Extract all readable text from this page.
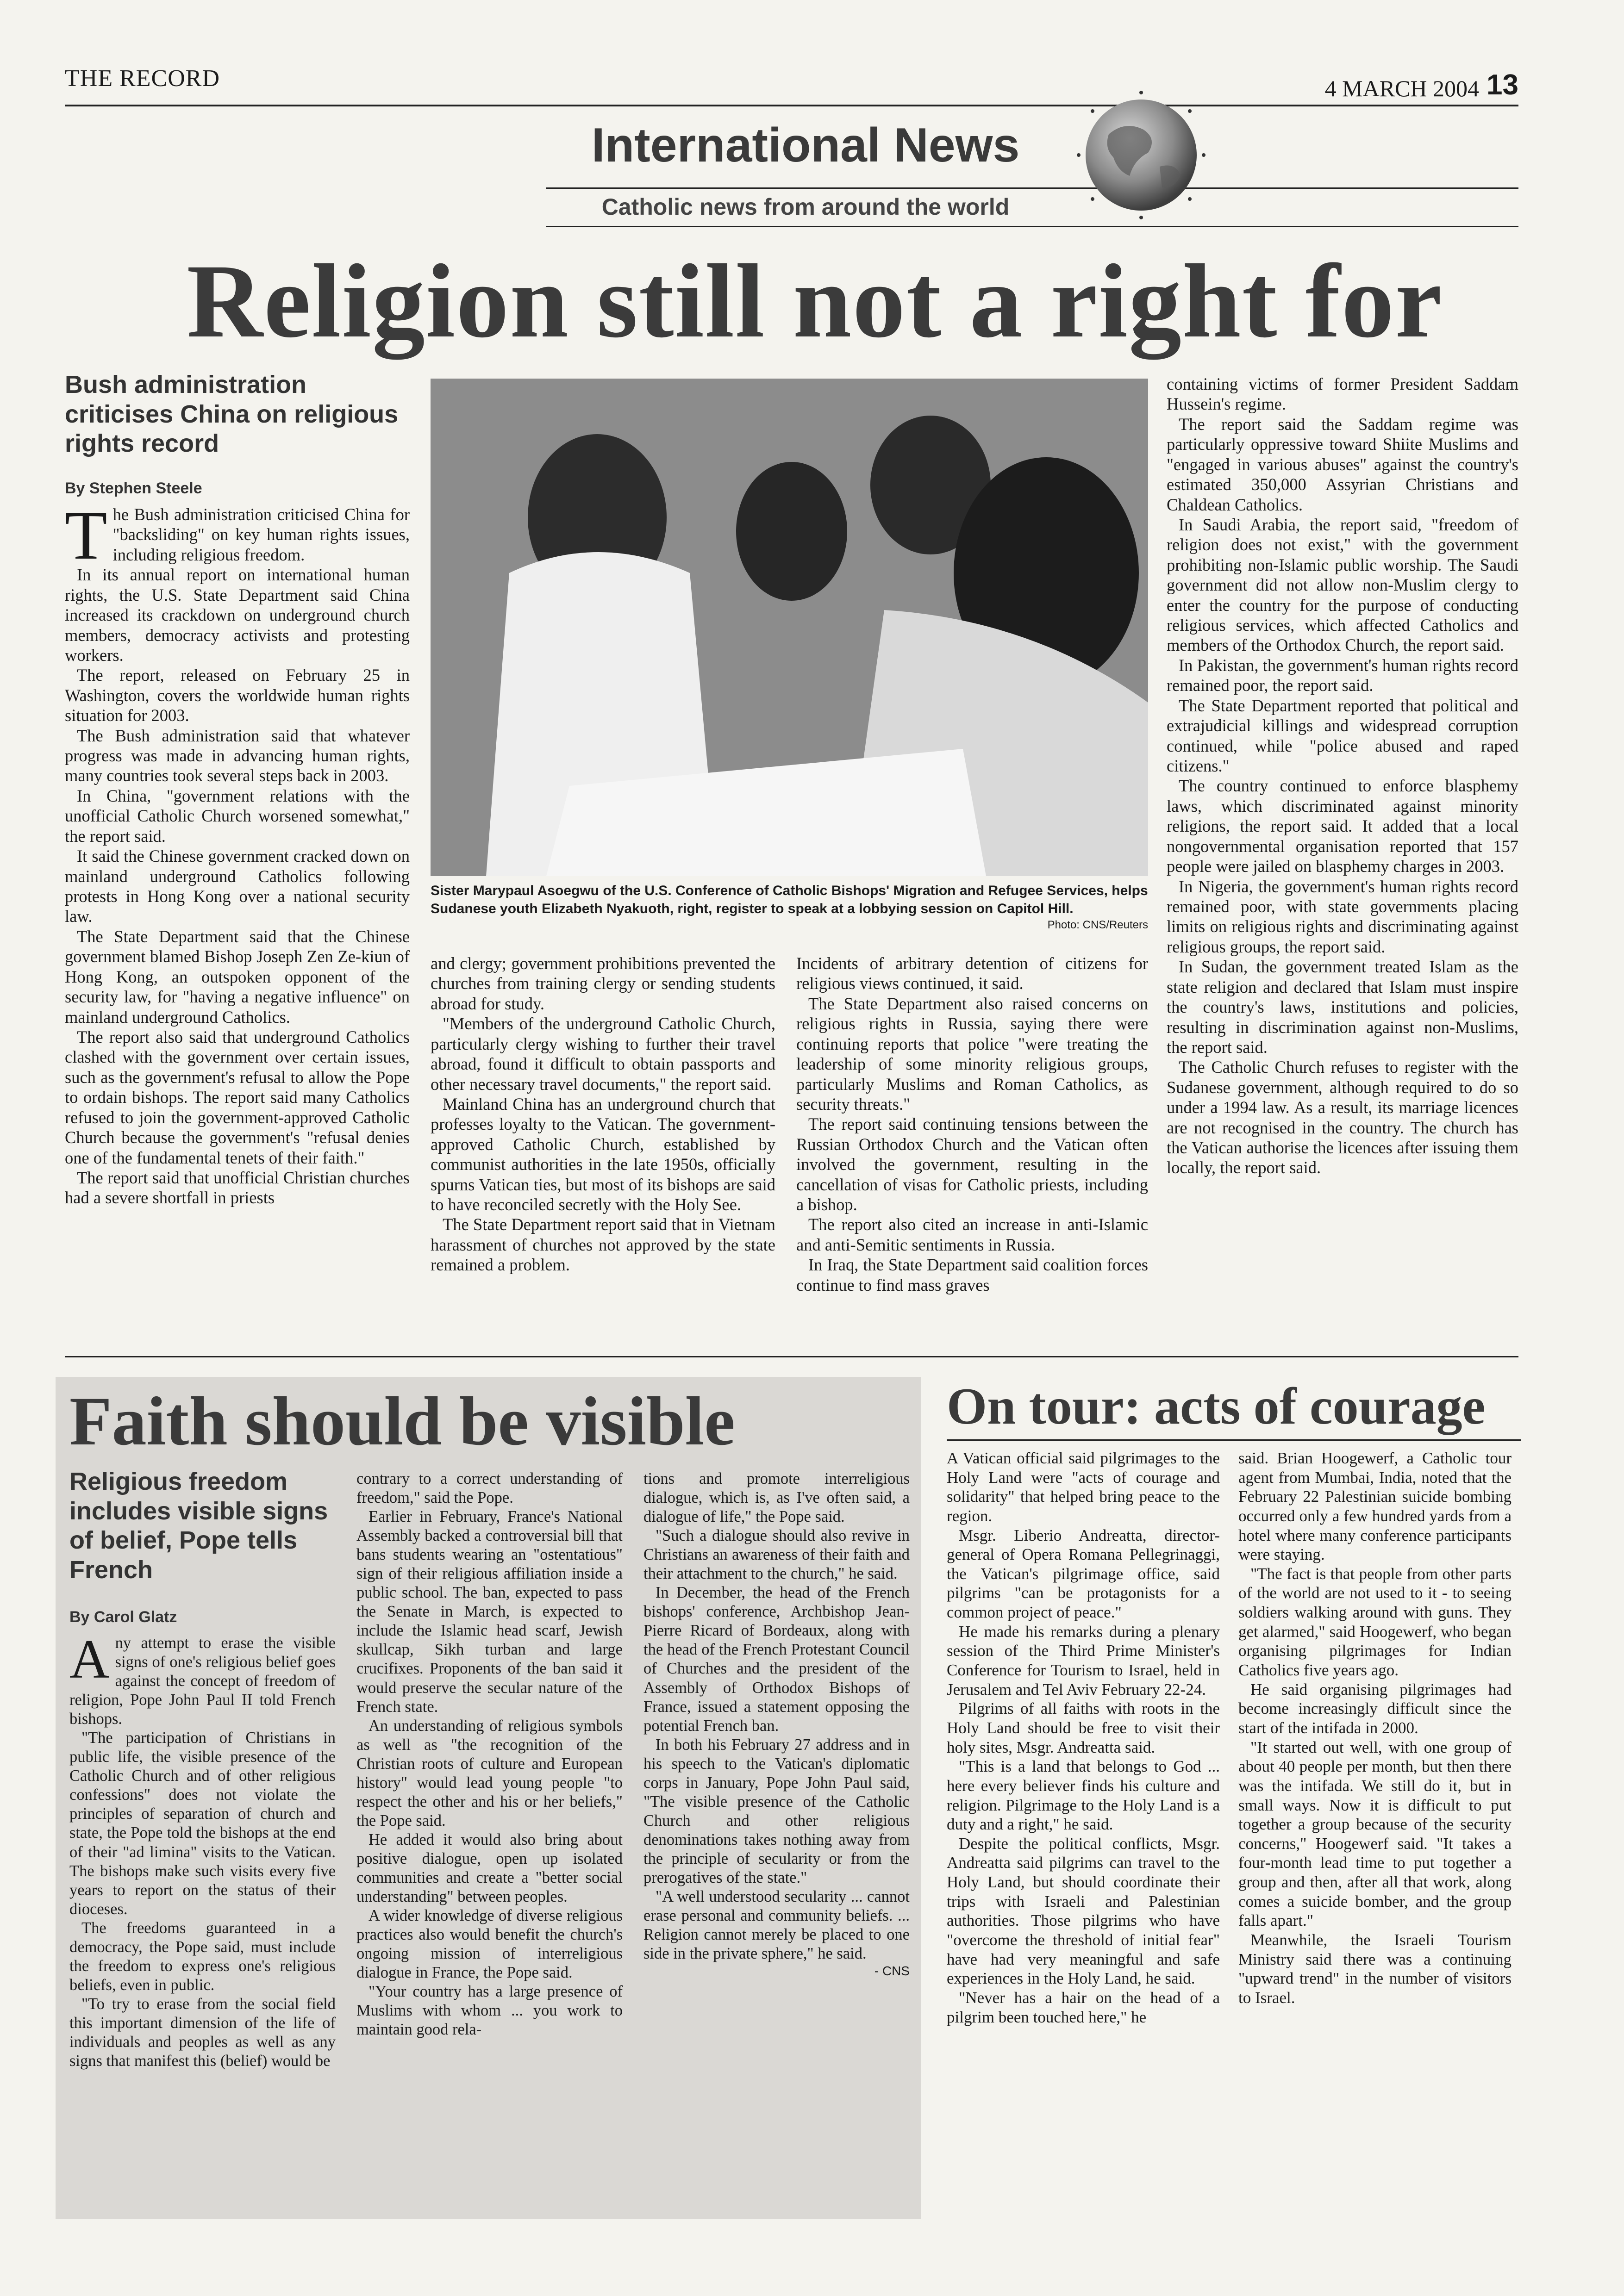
THE RECORD	4 MARCH 2004 13
International News
Catholic news from around the world
Religion still not a right for
Bush administration criticises China on religious rights record
By Stephen Steele

The Bush administration criticised China for "backsliding" on key human rights issues, including religious freedom.

In its annual report on international human rights, the U.S. State Department said China increased its crackdown on underground church members, democracy activists and protesting workers.

The report, released on February 25 in Washington, covers the worldwide human rights situation for 2003.

The Bush administration said that whatever progress was made in advancing human rights, many countries took several steps back in 2003.

In China, "government relations with the unofficial Catholic Church worsened somewhat," the report said.

It said the Chinese government cracked down on mainland underground Catholics following protests in Hong Kong over a national security law.

The State Department said that the Chinese government blamed Bishop Joseph Zen Ze-kiun of Hong Kong, an outspoken opponent of the security law, for "having a negative influence" on mainland underground Catholics.

The report also said that underground Catholics clashed with the government over certain issues, such as the government's refusal to allow the Pope to ordain bishops. The report said many Catholics refused to join the government-approved Catholic Church because the government's "refusal denies one of the fundamental tenets of their faith."

The report said that unofficial Christian churches had a severe shortfall in priests

Sister Marypaul Asoegwu of the U.S. Conference of Catholic Bishops' Migration and Refugee Services, helps Sudanese youth Elizabeth Nyakuoth, right, register to speak at a lobbying session on Capitol Hill.
Photo: CNS/Reuters

and clergy; government prohibitions prevented the churches from training clergy or sending students abroad for study.

"Members of the underground Catholic Church, particularly clergy wishing to further their travel abroad, found it difficult to obtain passports and other necessary travel documents," the report said.

Mainland China has an underground church that professes loyalty to the Vatican. The government-approved Catholic Church, established by communist authorities in the late 1950s, officially spurns Vatican ties, but most of its bishops are said to have reconciled secretly with the Holy See.

The State Department report said that in Vietnam harassment of churches not approved by the state remained a problem.

Incidents of arbitrary detention of citizens for religious views continued, it said.

The State Department also raised concerns on religious rights in Russia, saying there were continuing reports that police "were treating the leadership of some minority religious groups, particularly Muslims and Roman Catholics, as security threats."

The report said continuing tensions between the Russian Orthodox Church and the Vatican often involved the government, resulting in the cancellation of visas for Catholic priests, including a bishop.

The report also cited an increase in anti-Islamic and anti-Semitic sentiments in Russia.

In Iraq, the State Department said coalition forces continue to find mass graves

containing victims of former President Saddam Hussein's regime.

The report said the Saddam regime was particularly oppressive toward Shiite Muslims and "engaged in various abuses" against the country's estimated 350,000 Assyrian Christians and Chaldean Catholics.

In Saudi Arabia, the report said, "freedom of religion does not exist," with the government prohibiting non-Islamic public worship. The Saudi government did not allow non-Muslim clergy to enter the country for the purpose of conducting religious services, which affected Catholics and members of the Orthodox Church, the report said.

In Pakistan, the government's human rights record remained poor, the report said.

The State Department reported that political and extrajudicial killings and widespread corruption continued, while "police abused and raped citizens."

The country continued to enforce blasphemy laws, which discriminated against minority religions, the report said. It added that a local nongovernmental organisation reported that 157 people were jailed on blasphemy charges in 2003.

In Nigeria, the government's human rights record remained poor, with state governments placing limits on religious rights and discriminating against religious groups, the report said.

In Sudan, the government treated Islam as the state religion and declared that Islam must inspire the country's laws, institutions and policies, resulting in discrimination against non-Muslims, the report said.

The Catholic Church refuses to register with the Sudanese government, although required to do so under a 1994 law. As a result, its marriage licences are not recognised in the country. The church has the Vatican authorise the licences after issuing them locally, the report said.

Faith should be visible
Religious freedom includes visible signs of belief, Pope tells French
By Carol Glatz

Any attempt to erase the visible signs of one's religious belief goes against the concept of freedom of religion, Pope John Paul II told French bishops.

"The participation of Christians in public life, the visible presence of the Catholic Church and of other religious confessions" does not violate the principles of separation of church and state, the Pope told the bishops at the end of their "ad limina" visits to the Vatican. The bishops make such visits every five years to report on the status of their dioceses.

The freedoms guaranteed in a democracy, the Pope said, must include the freedom to express one's religious beliefs, even in public.

"To try to erase from the social field this important dimension of the life of individuals and peoples as well as any signs that manifest this (belief) would be

contrary to a correct understanding of freedom," said the Pope.

Earlier in February, France's National Assembly backed a controversial bill that bans students wearing an "ostentatious" sign of their religious affiliation inside a public school. The ban, expected to pass the Senate in March, is expected to include the Islamic head scarf, Jewish skullcap, Sikh turban and large crucifixes. Proponents of the ban said it would preserve the secular nature of the French state.

An understanding of religious symbols as well as "the recognition of the Christian roots of culture and European history" would lead young people "to respect the other and his or her beliefs," the Pope said.

He added it would also bring about positive dialogue, open up isolated communities and create a "better social understanding" between peoples.

A wider knowledge of diverse religious practices also would benefit the church's ongoing mission of interreligious dialogue in France, the Pope said.

"Your country has a large presence of Muslims with whom ... you work to maintain good rela-

tions and promote interreligious dialogue, which is, as I've often said, a dialogue of life," the Pope said.

"Such a dialogue should also revive in Christians an awareness of their faith and their attachment to the church," he said.

In December, the head of the French bishops' conference, Archbishop Jean-Pierre Ricard of Bordeaux, along with the head of the French Protestant Council of Churches and the president of the Assembly of Orthodox Bishops of France, issued a statement opposing the potential French ban.

In both his February 27 address and in his speech to the Vatican's diplomatic corps in January, Pope John Paul said, "The visible presence of the Catholic Church and other religious denominations takes nothing away from the principle of secularity or from the prerogatives of the state."

"A well understood secularity ... cannot erase personal and community beliefs. ... Religion cannot merely be placed to one side in the private sphere," he said.

- CNS
On tour: acts of courage

A Vatican official said pilgrimages to the Holy Land were "acts of courage and solidarity" that helped bring peace to the region.

Msgr. Liberio Andreatta, director-general of Opera Romana Pellegrinaggi, the Vatican's pilgrimage office, said pilgrims "can be protagonists for a common project of peace."

He made his remarks during a plenary session of the Third Prime Minister's Conference for Tourism to Israel, held in Jerusalem and Tel Aviv February 22-24.

Pilgrims of all faiths with roots in the Holy Land should be free to visit their holy sites, Msgr. Andreatta said.

"This is a land that belongs to God ... here every believer finds his culture and religion. Pilgrimage to the Holy Land is a duty and a right," he said.

Despite the political conflicts, Msgr. Andreatta said pilgrims can travel to the Holy Land, but should coordinate their trips with Israeli and Palestinian authorities. Those pilgrims who have "overcome the threshold of initial fear" have had very meaningful and safe experiences in the Holy Land, he said.

"Never has a hair on the head of a pilgrim been touched here," he

said. Brian Hoogewerf, a Catholic tour agent from Mumbai, India, noted that the February 22 Palestinian suicide bombing occurred only a few hundred yards from a hotel where many conference participants were staying.

"The fact is that people from other parts of the world are not used to it - to seeing soldiers walking around with guns. They get alarmed," said Hoogewerf, who began organising pilgrimages for Indian Catholics five years ago.

He said organising pilgrimages had become increasingly difficult since the start of the intifada in 2000.

"It started out well, with one group of about 40 people per month, but then there was the intifada. We still do it, but in small ways. Now it is difficult to put together a group because of the security concerns," Hoogewerf said. "It takes a four-month lead time to put together a group and then, after all that work, along comes a suicide bomber, and the group falls apart."

Meanwhile, the Israeli Tourism Ministry said there was a continuing "upward trend" in the number of visitors to Israel.
